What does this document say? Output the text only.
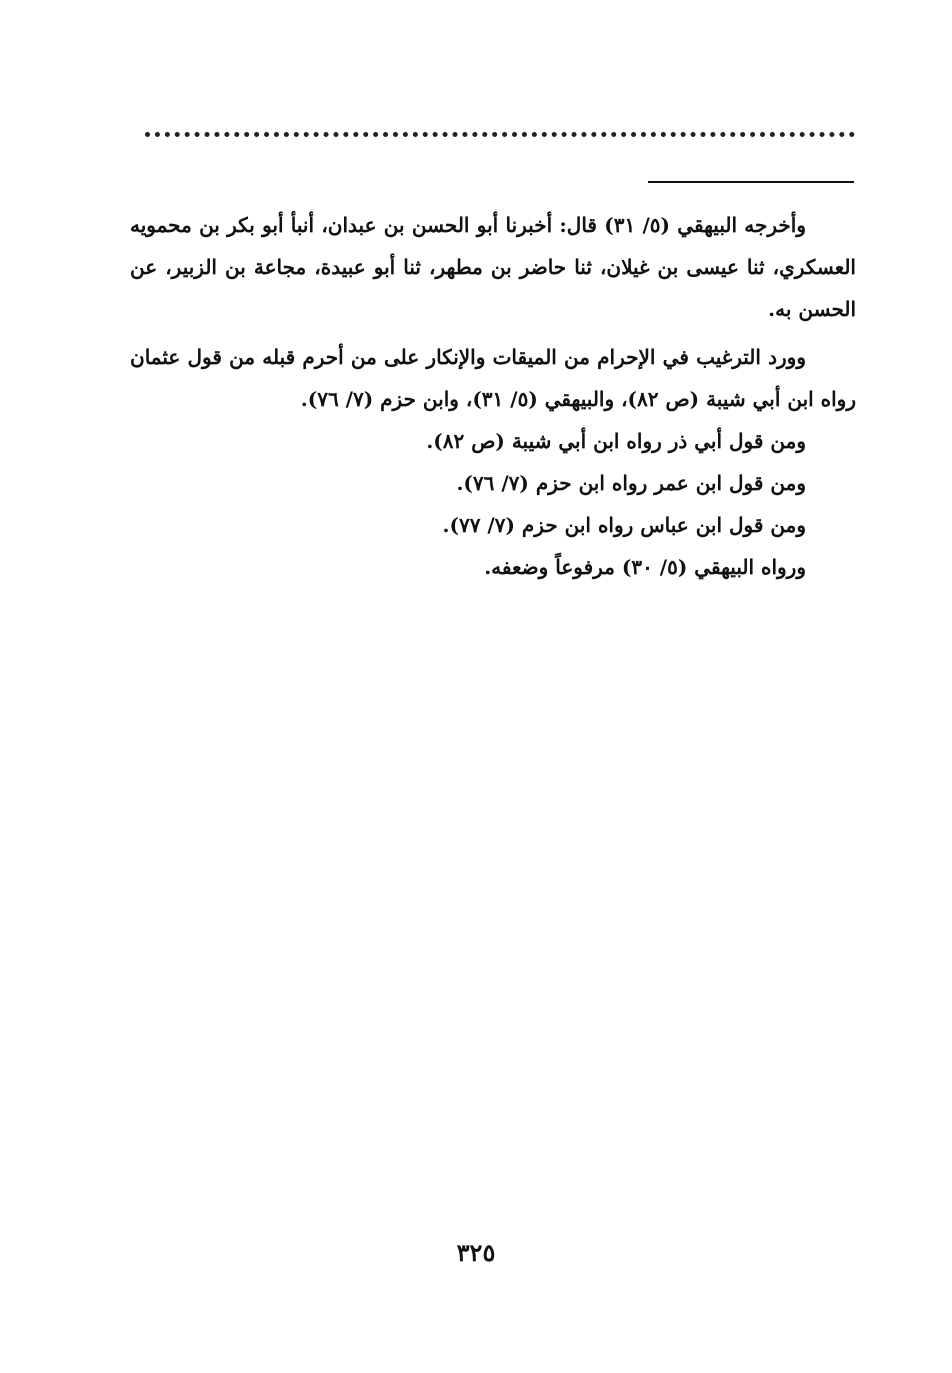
وأخرجه البيهقي (٥/ ٣١) قال: أخبرنا أبو الحسن بن عبدان، أنبأ أبو بكر بن محمويه العسكري، ثنا عيسى بن غيلان، ثنا حاضر بن مطهر، ثنا أبو عبيدة، مجاعة بن الزبير، عن الحسن به.

وورد الترغيب في الإحرام من الميقات والإنكار على من أحرم قبله من قول عثمان رواه ابن أبي شيبة (ص ٨٢)، والبيهقي (٥/ ٣١)، وابن حزم (٧/ ٧٦).

ومن قول أبي ذر رواه ابن أبي شيبة (ص ٨٢).

ومن قول ابن عمر رواه ابن حزم (٧/ ٧٦).

ومن قول ابن عباس رواه ابن حزم (٧/ ٧٧).

ورواه البيهقي (٥/ ٣٠) مرفوعاً وضعفه.

٣٢٥
